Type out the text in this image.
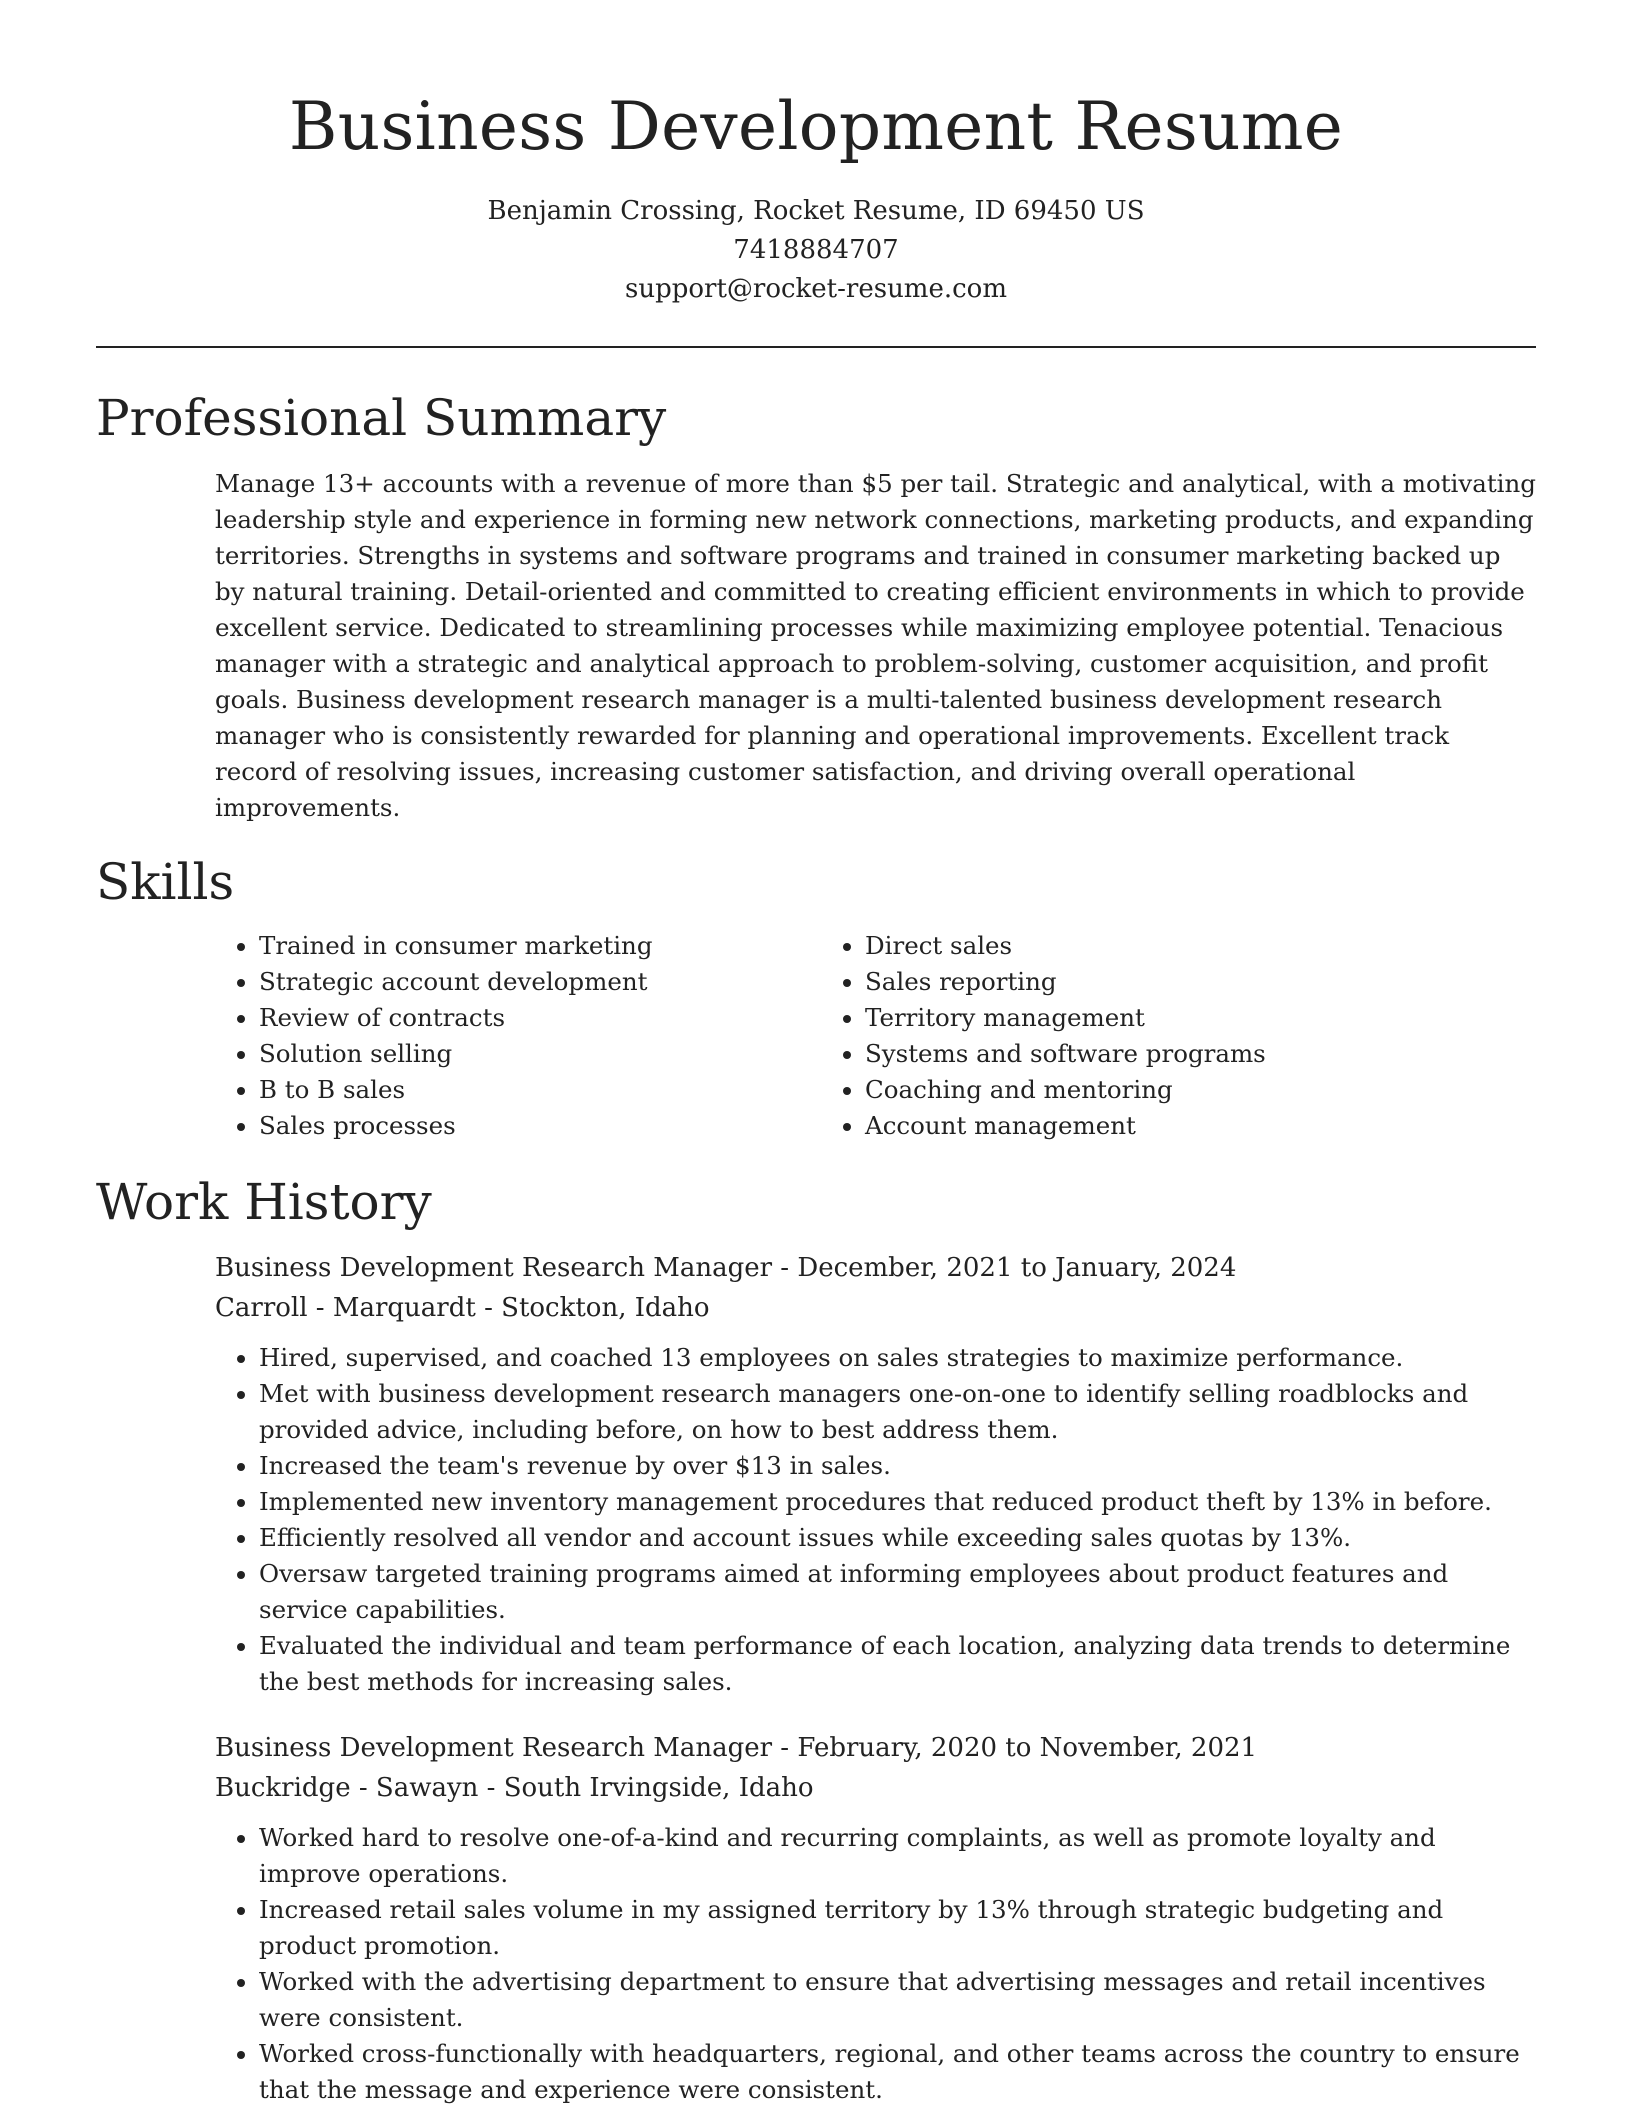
Business Development Resume
Benjamin Crossing, Rocket Resume, ID 69450 US
7418884707
support@rocket-resume.com
Professional Summary

Manage 13+ accounts with a revenue of more than $5 per tail. Strategic and analytical, with a motivating leadership style and experience in forming new network connections, marketing products, and expanding territories. Strengths in systems and software programs and trained in consumer marketing backed up by natural training. Detail-oriented and committed to creating efficient environments in which to provide excellent service. Dedicated to streamlining processes while maximizing employee potential. Tenacious manager with a strategic and analytical approach to problem-solving, customer acquisition, and profit goals. Business development research manager is a multi-talented business development research manager who is consistently rewarded for planning and operational improvements. Excellent track record of resolving issues, increasing customer satisfaction, and driving overall operational improvements.

Skills
• Trained in consumer marketing
• Strategic account development
• Review of contracts
• Solution selling
• B to B sales
• Sales processes
• Direct sales
• Sales reporting
• Territory management
• Systems and software programs
• Coaching and mentoring
• Account management
Work History
Business Development Research Manager - December, 2021 to January, 2024
Carroll - Marquardt - Stockton, Idaho
• Hired, supervised, and coached 13 employees on sales strategies to maximize performance.
• Met with business development research managers one-on-one to identify selling roadblocks and provided advice, including before, on how to best address them.
• Increased the team's revenue by over $13 in sales.
• Implemented new inventory management procedures that reduced product theft by 13% in before.
• Efficiently resolved all vendor and account issues while exceeding sales quotas by 13%.
• Oversaw targeted training programs aimed at informing employees about product features and service capabilities.
• Evaluated the individual and team performance of each location, analyzing data trends to determine the best methods for increasing sales.
Business Development Research Manager - February, 2020 to November, 2021
Buckridge - Sawayn - South Irvingside, Idaho
• Worked hard to resolve one-of-a-kind and recurring complaints, as well as promote loyalty and improve operations.
• Increased retail sales volume in my assigned territory by 13% through strategic budgeting and product promotion.
• Worked with the advertising department to ensure that advertising messages and retail incentives were consistent.
• Worked cross-functionally with headquarters, regional, and other teams across the country to ensure that the message and experience were consistent.
